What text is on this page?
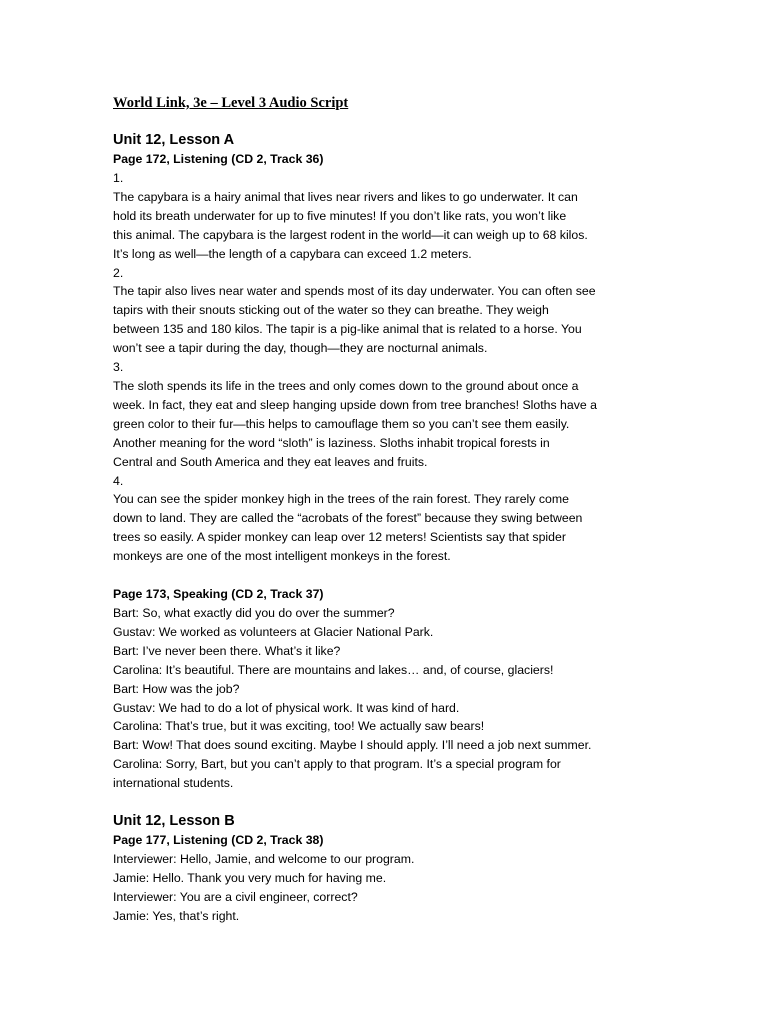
World Link, 3e – Level 3 Audio Script
Unit 12, Lesson A
Page 172, Listening (CD 2, Track 36)
1.
The capybara is a hairy animal that lives near rivers and likes to go underwater. It can
hold its breath underwater for up to five minutes! If you don’t like rats, you won’t like
this animal. The capybara is the largest rodent in the world—it can weigh up to 68 kilos.
It’s long as well—the length of a capybara can exceed 1.2 meters.
2.
The tapir also lives near water and spends most of its day underwater. You can often see
tapirs with their snouts sticking out of the water so they can breathe. They weigh
between 135 and 180 kilos. The tapir is a pig-like animal that is related to a horse. You
won’t see a tapir during the day, though—they are nocturnal animals.
3.
The sloth spends its life in the trees and only comes down to the ground about once a
week. In fact, they eat and sleep hanging upside down from tree branches! Sloths have a
green color to their fur—this helps to camouflage them so you can’t see them easily.
Another meaning for the word “sloth” is laziness. Sloths inhabit tropical forests in
Central and South America and they eat leaves and fruits.
4.
You can see the spider monkey high in the trees of the rain forest. They rarely come
down to land. They are called the “acrobats of the forest” because they swing between
trees so easily. A spider monkey can leap over 12 meters! Scientists say that spider
monkeys are one of the most intelligent monkeys in the forest.
Page 173, Speaking (CD 2, Track 37)
Bart: So, what exactly did you do over the summer?
Gustav: We worked as volunteers at Glacier National Park.
Bart: I’ve never been there. What’s it like?
Carolina: It’s beautiful. There are mountains and lakes… and, of course, glaciers!
Bart: How was the job?
Gustav: We had to do a lot of physical work. It was kind of hard.
Carolina: That’s true, but it was exciting, too! We actually saw bears!
Bart: Wow! That does sound exciting. Maybe I should apply. I’ll need a job next summer.
Carolina: Sorry, Bart, but you can’t apply to that program. It’s a special program for
international students.
Unit 12, Lesson B
Page 177, Listening (CD 2, Track 38)
Interviewer: Hello, Jamie, and welcome to our program.
Jamie: Hello. Thank you very much for having me.
Interviewer: You are a civil engineer, correct?
Jamie: Yes, that’s right.
